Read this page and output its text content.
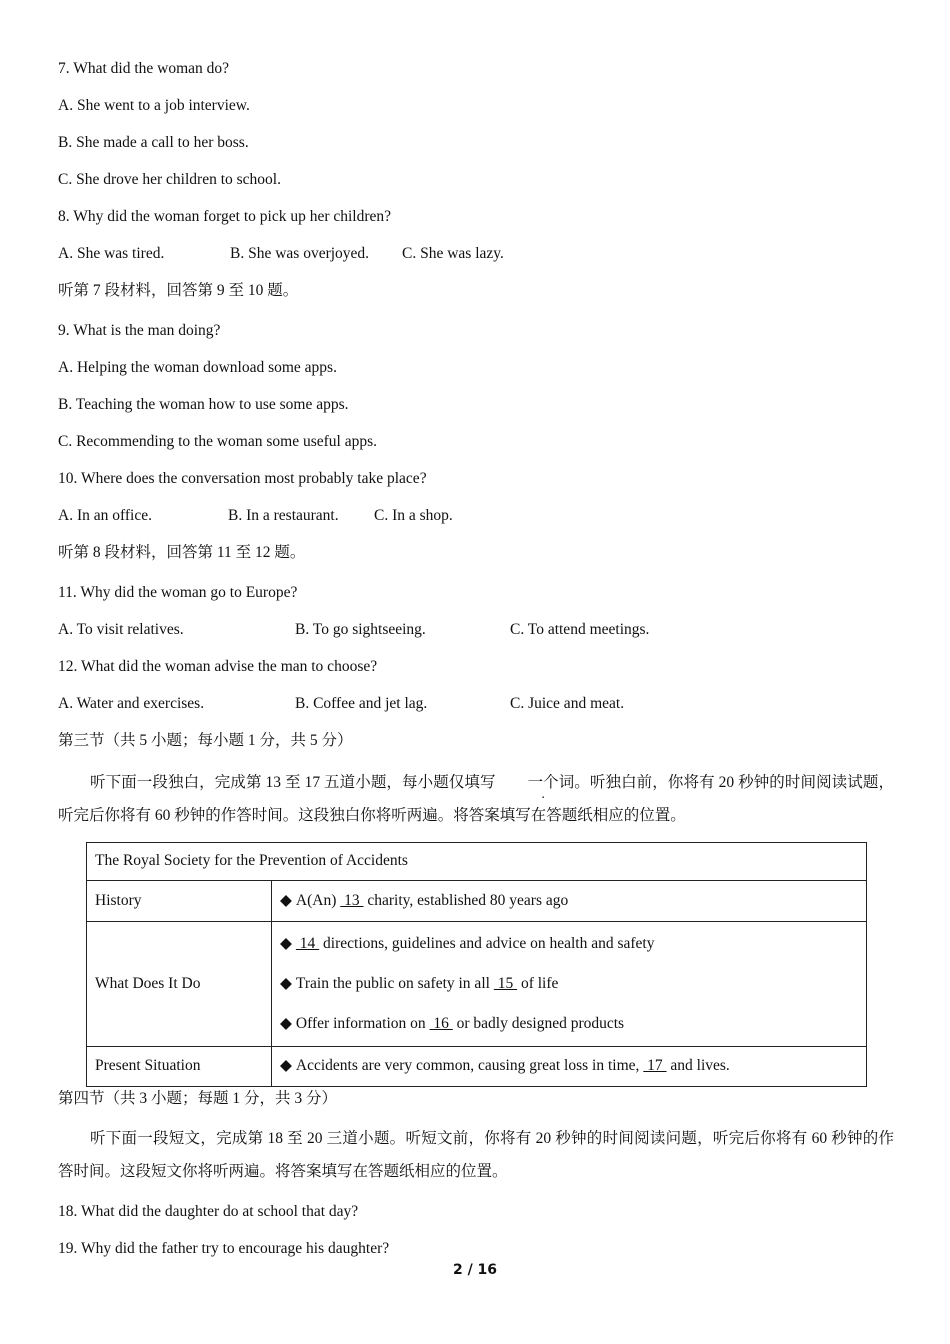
7. What did the woman do?
A. She went to a job interview.
B. She made a call to her boss.
C. She drove her children to school.
8. Why did the woman forget to pick up her children?
A. She was tired.	B. She was overjoyed. C. She was lazy.
听第 7 段材料，回答第 9 至 10 题。
9. What is the man doing?
A. Helping the woman download some apps.
B. Teaching the woman how to use some apps.
C. Recommending to the woman some useful apps.
10. Where does the conversation most probably take place?
A. In an office.	B. In a restaurant. C. In a shop.
听第 8 段材料，回答第 11 至 12 题。
11. Why did the woman go to Europe?
A. To visit relatives.	B. To go sightseeing.	C. To attend meetings.
12. What did the woman advise the man to choose?
A. Water and exercises.	B. Coffee and jet lag.	C. Juice and meat.
第三节（共 5 小题；每小题 1 分，共 5 分）
听下面一段独白，完成第 13 至 17 五道小题，每小题仅填写 一个词。听独白前，你将有 20 秒钟的时间阅读试题，听完后你将有 60 秒钟的作答时间。这段独白你将听两遍。将答案填写在答题纸相应的位置。
The Royal Society for the Prevention of Accidents	
History	◆ A(An)  13  charity, established 80 years ago
What Does It Do	◆ 14  directions, guidelines and advice on health and safety
◆ Train the public on safety in all  15  of life
◆ Offer information on  16  or badly designed products

Present Situation	◆ Accidents are very common, causing great loss in time,  17  and lives.
第四节（共 3 小题；每题 1 分，共 3 分）
听下面一段短文，完成第 18 至 20 三道小题。听短文前，你将有 20 秒钟的时间阅读问题，听完后你将有 60 秒钟的作答时间。这段短文你将听两遍。将答案填写在答题纸相应的位置。
18. What did the daughter do at school that day?
19. Why did the father try to encourage his daughter?
2 / 16
